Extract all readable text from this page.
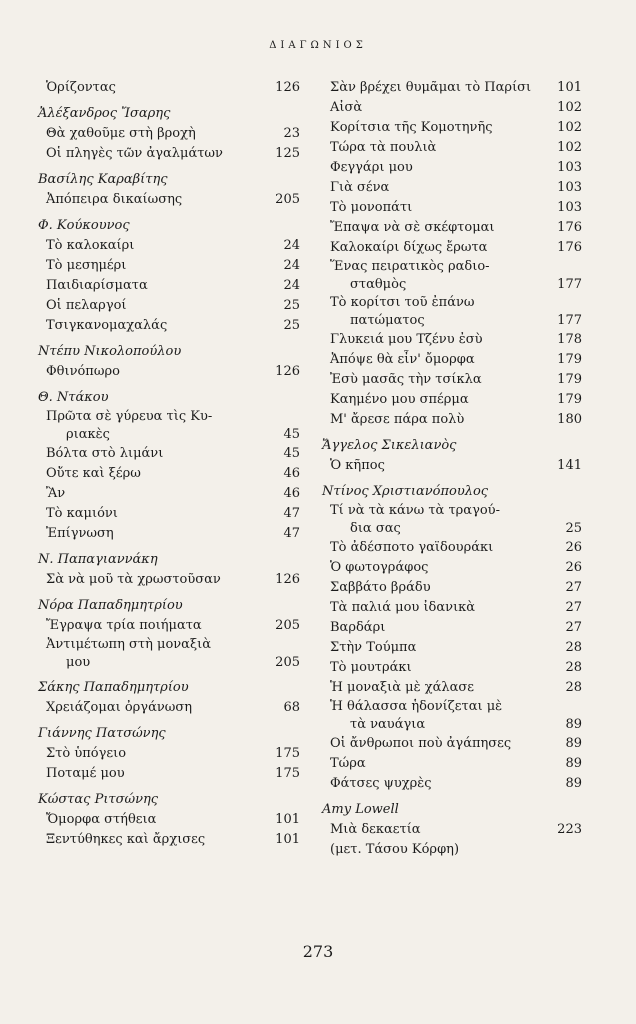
ΔΙΑΓΩΝΙΟΣ
Ὁρίζοντας	126
Ἀλέξανδρος Ἴσαρης
Θὰ χαθοῦμε στὴ βροχὴ	23
Οἱ πληγὲς τῶν ἀγαλμάτων	125
Βασίλης Καραβίτης
Ἀπόπειρα δικαίωσης	205
Φ. Κούκουνος
Τὸ καλοκαίρι	24
Τὸ μεσημέρι	24
Παιδιαρίσματα	24
Οἱ πελαργοί	25
Τσιγκανομαχαλάς	25
Ντέπυ Νικολοπούλου
Φθινόπωρο	126
Θ. Ντάκου
Πρῶτα σὲ γύρευα τὶς Κυ-
ριακὲς	45
Βόλτα στὸ λιμάνι	45
Οὔτε καὶ ξέρω	46
Ἂν	46
Τὸ καμιόνι	47
Ἐπίγνωση	47
Ν. Παπαγιαννάκη
Σὰ νὰ μοῦ τὰ χρωστοῦσαν	126
Νόρα Παπαδημητρίου
Ἔγραψα τρία ποιήματα	205
Ἀντιμέτωπη στὴ μοναξιὰ
μου	205
Σάκης Παπαδημητρίου
Χρειάζομαι ὀργάνωση	68
Γιάννης Πατσώνης
Στὸ ὑπόγειο	175
Ποταμέ μου	175
Κώστας Ριτσώνης
Ὄμορφα στήθεια	101
Ξεντύθηκες καὶ ἄρχισες	101
Σὰν βρέχει θυμᾶμαι τὸ Παρίσι	101
Αἰσὰ	102
Κορίτσια τῆς Κομοτηνῆς	102
Τώρα τὰ πουλιὰ	102
Φεγγάρι μου	103
Γιὰ σένα	103
Τὸ μονοπάτι	103
Ἔπαψα νὰ σὲ σκέφτομαι	176
Καλοκαίρι δίχως ἔρωτα	176
Ἕνας πειρατικὸς ραδιο-
σταθμὸς	177
Τὸ κορίτσι τοῦ ἐπάνω
πατώματος	177
Γλυκειά μου Τζένυ ἐσὺ	178
Ἀπόψε θὰ εἶν' ὄμορφα	179
Ἐσὺ μασᾶς τὴν τσίκλα	179
Καημένο μου σπέρμα	179
Μ' ἄρεσε πάρα πολὺ	180
Ἄγγελος Σικελιανὸς
Ὁ κῆπος	141
Ντίνος Χριστιανόπουλος
Τί νὰ τὰ κάνω τὰ τραγού-
δια σας	25
Τὸ ἀδέσποτο γαϊδουράκι	26
Ὁ φωτογράφος	26
Σαββάτο βράδυ	27
Τὰ παλιά μου ἰδανικὰ	27
Βαρδάρι	27
Στὴν Τούμπα	28
Τὸ μουτράκι	28
Ἡ μοναξιὰ μὲ χάλασε	28
Ἡ θάλασσα ἡδονίζεται μὲ
τὰ ναυάγια	89
Οἱ ἄνθρωποι ποὺ ἀγάπησες	89
Τώρα	89
Φάτσες ψυχρὲς	89
Amy Lowell
Μιὰ δεκαετία	223
(μετ. Τάσου Κόρφη)
273
